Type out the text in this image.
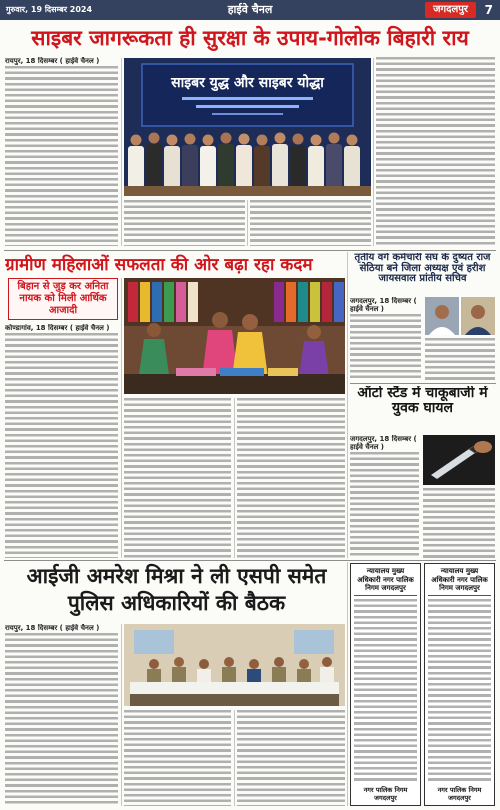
गुरुवार, 19 दिसम्बर 2024	हाईवे चैनल	जगदलपुर	7
साइबर जागरूकता ही सुरक्षा के उपाय-गोलोक बिहारी राय
रायपुर, 18 दिसम्बर ( हाईवे चैनल )
साइबर युद्ध और साइबर योद्धा
ग्रामीण महिलाओं सफलता की ओर बढ़ा रहा कदम
बिहान से जुड़ कर अनिता नायक को मिली आर्थिक आजादी
कोण्डागांव, 18 दिसम्बर ( हाईवे चैनल )
तृतीय वर्ग कर्मचारी संघ के दुष्यंत राज सेठिया बने जिला अध्यक्ष एवं हरीश जायसवाल प्रांतीय सचिव
जगदलपुर, 18 दिसम्बर ( हाईवे चैनल )
ऑटो स्टैंड में चाकूबाजी में युवक घायल
जगदलपुर, 18 दिसम्बर ( हाईवे चैनल )
आईजी अमरेश मिश्रा ने ली एसपी समेत पुलिस अधिकारियों की बैठक
रायपुर, 18 दिसम्बर ( हाईवे चैनल )
न्यायालय मुख्य अधिकारी नगर पालिक निगम जगदलपुर
नगर पालिक निगम जगदलपुर
न्यायालय मुख्य अधिकारी नगर पालिक निगम जगदलपुर
नगर पालिक निगम जगदलपुर
